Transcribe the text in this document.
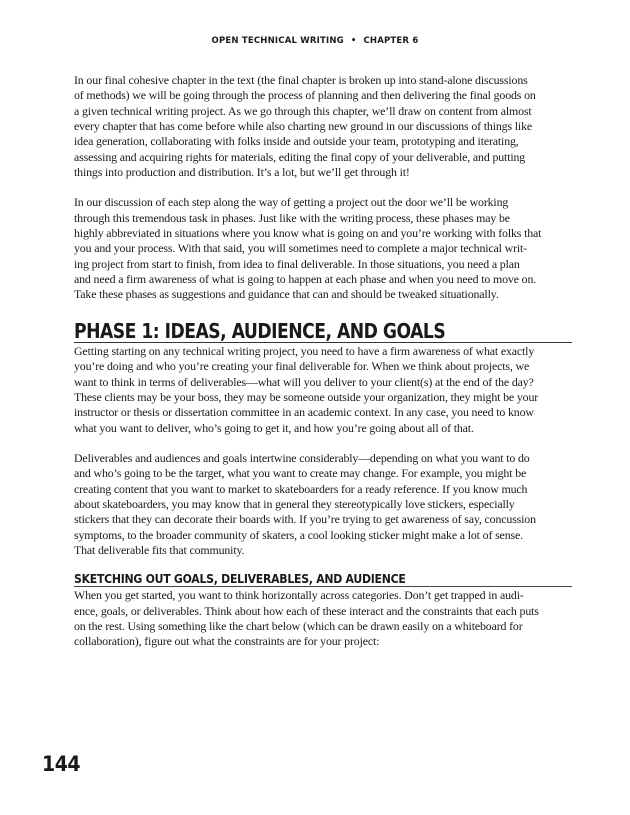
OPEN TECHNICAL WRITING • CHAPTER 6

In our final cohesive chapter in the text (the final chapter is broken up into stand-alone discussions
of methods) we will be going through the process of planning and then delivering the final goods on
a given technical writing project. As we go through this chapter, we’ll draw on content from almost
every chapter that has come before while also charting new ground in our discussions of things like
idea generation, collaborating with folks inside and outside your team, prototyping and iterating,
assessing and acquiring rights for materials, editing the final copy of your deliverable, and putting
things into production and distribution. It’s a lot, but we’ll get through it!

In our discussion of each step along the way of getting a project out the door we’ll be working
through this tremendous task in phases. Just like with the writing process, these phases may be
highly abbreviated in situations where you know what is going on and you’re working with folks that
you and your process. With that said, you will sometimes need to complete a major technical writ-
ing project from start to finish, from idea to final deliverable. In those situations, you need a plan
and need a firm awareness of what is going to happen at each phase and when you need to move on.
Take these phases as suggestions and guidance that can and should be tweaked situationally.

PHASE 1: IDEAS, AUDIENCE, AND GOALS

Getting starting on any technical writing project, you need to have a firm awareness of what exactly
you’re doing and who you’re creating your final deliverable for. When we think about projects, we
want to think in terms of deliverables—what will you deliver to your client(s) at the end of the day?
These clients may be your boss, they may be someone outside your organization, they might be your
instructor or thesis or dissertation committee in an academic context. In any case, you need to know
what you want to deliver, who’s going to get it, and how you’re going about all of that.

Deliverables and audiences and goals intertwine considerably—depending on what you want to do
and who’s going to be the target, what you want to create may change. For example, you might be
creating content that you want to market to skateboarders for a ready reference. If you know much
about skateboarders, you may know that in general they stereotypically love stickers, especially
stickers that they can decorate their boards with. If you’re trying to get awareness of say, concussion
symptoms, to the broader community of skaters, a cool looking sticker might make a lot of sense.
That deliverable fits that community.

SKETCHING OUT GOALS, DELIVERABLES, AND AUDIENCE

When you get started, you want to think horizontally across categories. Don’t get trapped in audi-
ence, goals, or deliverables. Think about how each of these interact and the constraints that each puts
on the rest. Using something like the chart below (which can be drawn easily on a whiteboard for
collaboration), figure out what the constraints are for your project:

144
